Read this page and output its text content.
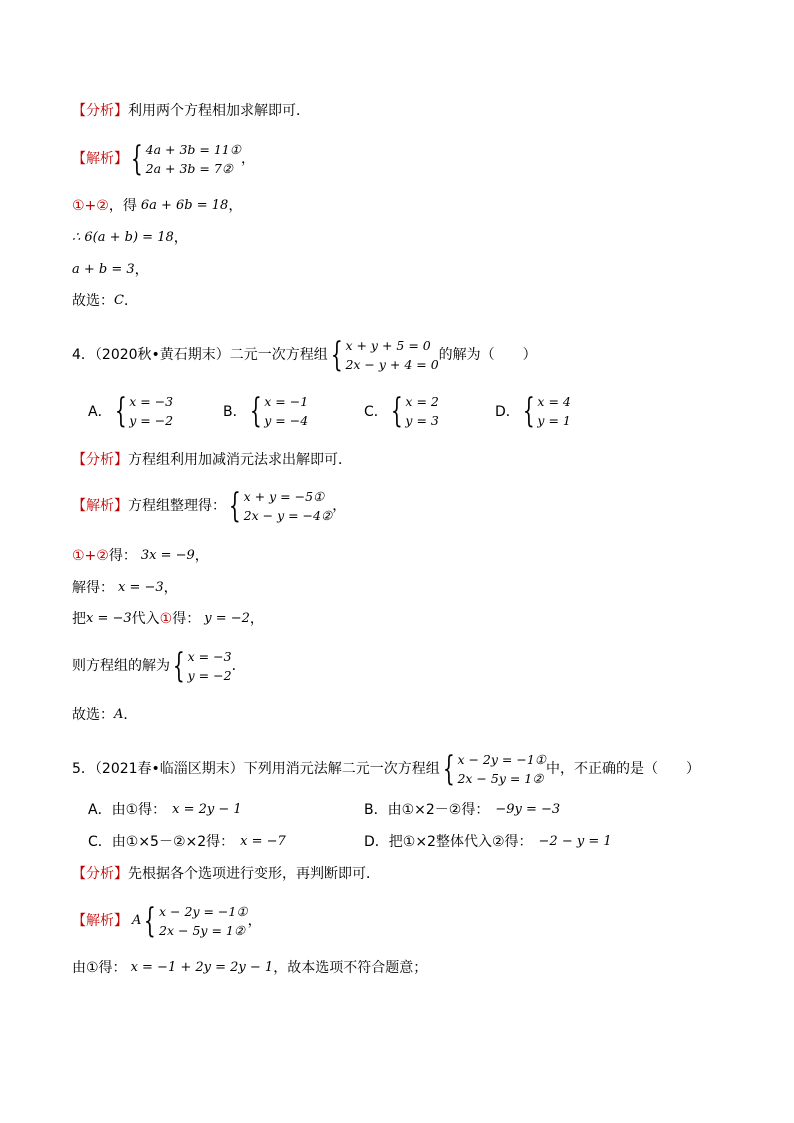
【分析】 利用两个方程相加求解即可．
【解析】 { 4a + 3b = 11①
2a + 3b = 7②
，
①+② ，得 6a + 6b = 18 ，
∴ 6(a + b) = 18 ，
a + b = 3 ，
故选： C ．
4．（2020秋•黄石期末）二元一次方程组 { x + y + 5 = 0
2x − y + 4 = 0
的解为（　　）
A． { x = −3
y = −2
B． { x = −1
y = −4
C． { x = 2
y = 3
D． { x = 4
y = 1
【分析】 方程组利用加减消元法求出解即可．
【解析】 方程组整理得： { x + y = −5①
2x − y = −4②
，
①+② 得： 3x = −9 ，
解得： x = −3 ，
把 x = −3 代入 ① 得： y = −2 ，
则方程组的解为 { x = −3
y = −2
．
故选： A ．
5．（2021春•临淄区期末）下列用消元法解二元一次方程组 { x − 2y = −1①
2x − 5y = 1②
中，不正确的是（　　）
A．由①得： x = 2y − 1	B．由①×2－②得： −9y = −3
C．由①×5－②×2得： x = −7	D．把①×2整体代入②得： −2 − y = 1
【分析】 先根据各个选项进行变形，再判断即可．
【解析】 A { x − 2y = −1①
2x − 5y = 1②
，
由①得： x = −1 + 2y = 2y − 1 ，故本选项不符合题意；
